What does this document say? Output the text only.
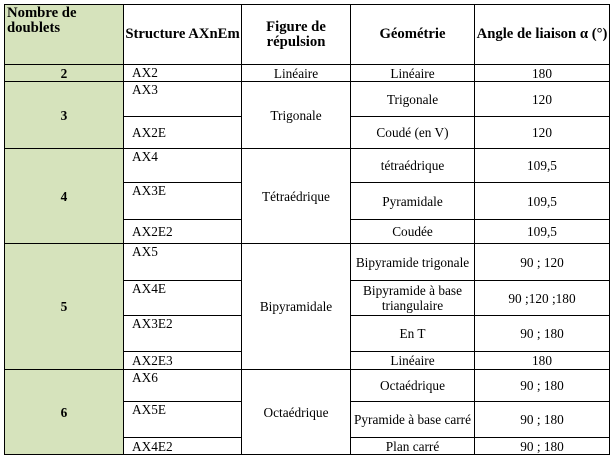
Nombre de doublets	Structure AXnEm	Figure de répulsion	Géométrie	Angle de liaison α (°)
2	AX2	Linéaire	Linéaire	180
3	AX3	Trigonale	Trigonale	120
	AX2E		Coudé (en V)	120
4	AX4	Tétraédrique	tétraédrique	109,5
	AX3E		Pyramidale	109,5
	AX2E2		Coudée	109,5
5	AX5	Bipyramidale	Bipyramide trigonale	90 ; 120
	AX4E		Bipyramide à base triangulaire	90 ;120 ;180
	AX3E2		En T	90 ; 180
	AX2E3		Linéaire	180
6	AX6	Octaédrique	Octaédrique	90 ; 180
	AX5E		Pyramide à base carré	90 ; 180
	AX4E2		Plan carré	90 ; 180
